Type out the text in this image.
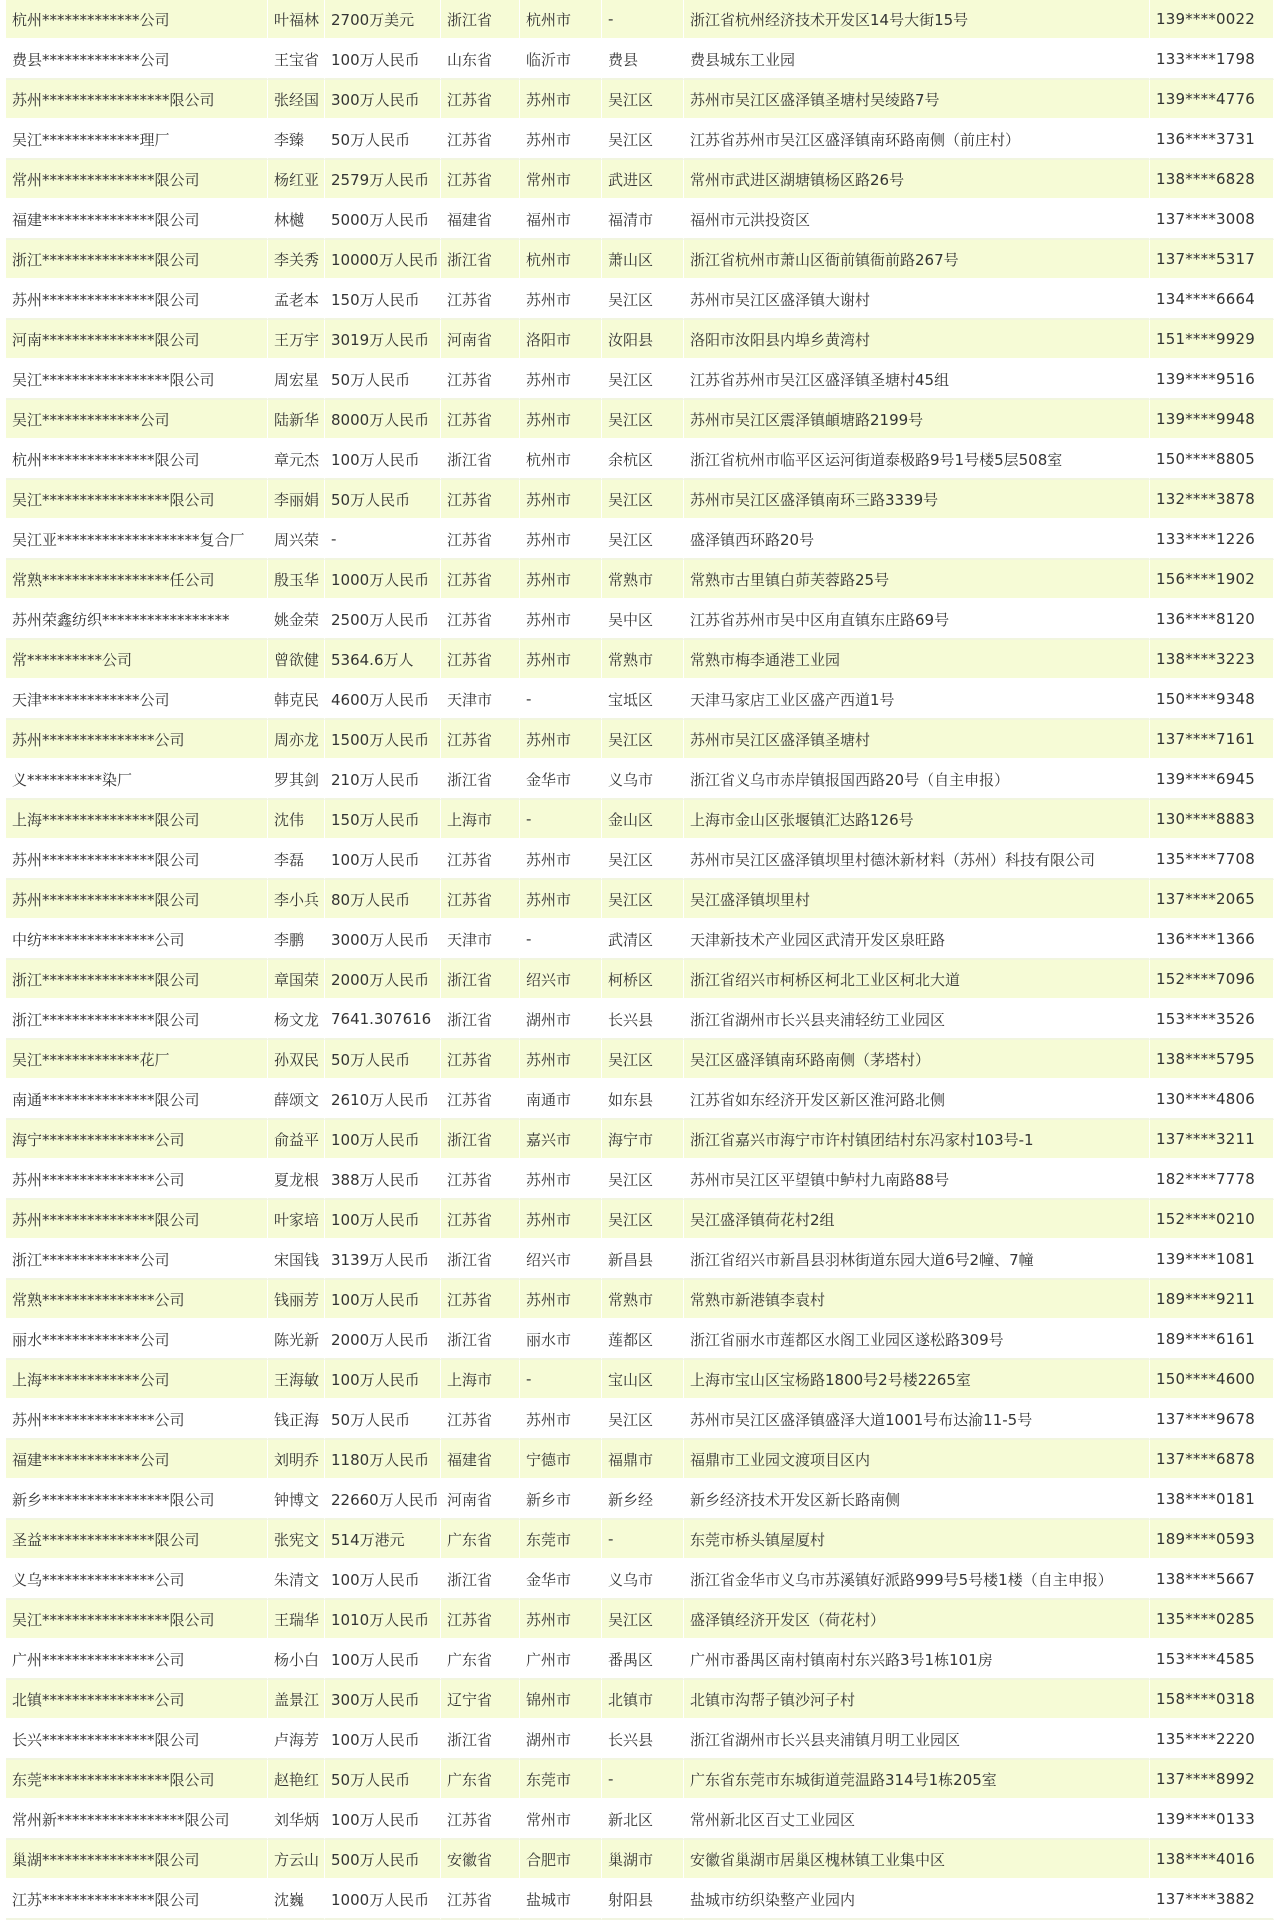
杭州*************公司	叶福林	2700万美元	浙江省	杭州市	-	浙江省杭州经济技术开发区14号大街15号	139****0022
费县*************公司	王宝省	100万人民币	山东省	临沂市	费县	费县城东工业园	133****1798
苏州*****************限公司	张经国	300万人民币	江苏省	苏州市	吴江区	苏州市吴江区盛泽镇圣塘村吴绫路7号	139****4776
吴江*************理厂	李臻	50万人民币	江苏省	苏州市	吴江区	江苏省苏州市吴江区盛泽镇南环路南侧（前庄村）	136****3731
常州***************限公司	杨红亚	2579万人民币	江苏省	常州市	武进区	常州市武进区湖塘镇杨区路26号	138****6828
福建***************限公司	林樾	5000万人民币	福建省	福州市	福清市	福州市元洪投资区	137****3008
浙江***************限公司	李关秀	10000万人民币	浙江省	杭州市	萧山区	浙江省杭州市萧山区衙前镇衙前路267号	137****5317
苏州***************限公司	孟老本	150万人民币	江苏省	苏州市	吴江区	苏州市吴江区盛泽镇大谢村	134****6664
河南***************限公司	王万宇	3019万人民币	河南省	洛阳市	汝阳县	洛阳市汝阳县内埠乡黄湾村	151****9929
吴江*****************限公司	周宏星	50万人民币	江苏省	苏州市	吴江区	江苏省苏州市吴江区盛泽镇圣塘村45组	139****9516
吴江*************公司	陆新华	8000万人民币	江苏省	苏州市	吴江区	苏州市吴江区震泽镇頔塘路2199号	139****9948
杭州***************限公司	章元杰	100万人民币	浙江省	杭州市	余杭区	浙江省杭州市临平区运河街道泰极路9号1号楼5层508室	150****8805
吴江*****************限公司	李丽娟	50万人民币	江苏省	苏州市	吴江区	苏州市吴江区盛泽镇南环三路3339号	132****3878
吴江亚*******************复合厂	周兴荣	-	江苏省	苏州市	吴江区	盛泽镇西环路20号	133****1226
常熟*****************任公司	殷玉华	1000万人民币	江苏省	苏州市	常熟市	常熟市古里镇白茆芙蓉路25号	156****1902
苏州荣鑫纺织*****************	姚金荣	2500万人民币	江苏省	苏州市	吴中区	江苏省苏州市吴中区甪直镇东庄路69号	136****8120
常**********公司	曾欲健	5364.6万人	江苏省	苏州市	常熟市	常熟市梅李通港工业园	138****3223
天津*************公司	韩克民	4600万人民币	天津市	-	宝坻区	天津马家店工业区盛产西道1号	150****9348
苏州***************公司	周亦龙	1500万人民币	江苏省	苏州市	吴江区	苏州市吴江区盛泽镇圣塘村	137****7161
义**********染厂	罗其剑	210万人民币	浙江省	金华市	义乌市	浙江省义乌市赤岸镇报国西路20号（自主申报）	139****6945
上海***************限公司	沈伟	150万人民币	上海市	-	金山区	上海市金山区张堰镇汇达路126号	130****8883
苏州***************限公司	李磊	100万人民币	江苏省	苏州市	吴江区	苏州市吴江区盛泽镇坝里村德沐新材料（苏州）科技有限公司	135****7708
苏州***************限公司	李小兵	80万人民币	江苏省	苏州市	吴江区	吴江盛泽镇坝里村	137****2065
中纺***************公司	李鹏	3000万人民币	天津市	-	武清区	天津新技术产业园区武清开发区泉旺路	136****1366
浙江***************限公司	章国荣	2000万人民币	浙江省	绍兴市	柯桥区	浙江省绍兴市柯桥区柯北工业区柯北大道	152****7096
浙江***************限公司	杨文龙	7641.307616	浙江省	湖州市	长兴县	浙江省湖州市长兴县夹浦轻纺工业园区	153****3526
吴江*************花厂	孙双民	50万人民币	江苏省	苏州市	吴江区	吴江区盛泽镇南环路南侧（茅塔村）	138****5795
南通***************限公司	薛颂文	2610万人民币	江苏省	南通市	如东县	江苏省如东经济开发区新区淮河路北侧	130****4806
海宁***************公司	俞益平	100万人民币	浙江省	嘉兴市	海宁市	浙江省嘉兴市海宁市许村镇团结村东冯家村103号-1	137****3211
苏州***************公司	夏龙根	388万人民币	江苏省	苏州市	吴江区	苏州市吴江区平望镇中鲈村九南路88号	182****7778
苏州***************限公司	叶家培	100万人民币	江苏省	苏州市	吴江区	吴江盛泽镇荷花村2组	152****0210
浙江*************公司	宋国钱	3139万人民币	浙江省	绍兴市	新昌县	浙江省绍兴市新昌县羽林街道东园大道6号2幢、7幢	139****1081
常熟***************公司	钱丽芳	100万人民币	江苏省	苏州市	常熟市	常熟市新港镇李袁村	189****9211
丽水*************公司	陈光新	2000万人民币	浙江省	丽水市	莲都区	浙江省丽水市莲都区水阁工业园区遂松路309号	189****6161
上海*************公司	王海敏	100万人民币	上海市	-	宝山区	上海市宝山区宝杨路1800号2号楼2265室	150****4600
苏州***************公司	钱正海	50万人民币	江苏省	苏州市	吴江区	苏州市吴江区盛泽镇盛泽大道1001号布达渝11-5号	137****9678
福建*************公司	刘明乔	1180万人民币	福建省	宁德市	福鼎市	福鼎市工业园文渡项目区内	137****6878
新乡*****************限公司	钟博文	22660万人民币	河南省	新乡市	新乡经	新乡经济技术开发区新长路南侧	138****0181
圣益***************限公司	张宪文	514万港元	广东省	东莞市	-	东莞市桥头镇屋厦村	189****0593
义乌***************公司	朱清文	100万人民币	浙江省	金华市	义乌市	浙江省金华市义乌市苏溪镇好派路999号5号楼1楼（自主申报）	138****5667
吴江*****************限公司	王瑞华	1010万人民币	江苏省	苏州市	吴江区	盛泽镇经济开发区（荷花村）	135****0285
广州***************公司	杨小白	100万人民币	广东省	广州市	番禺区	广州市番禺区南村镇南村东兴路3号1栋101房	153****4585
北镇***************公司	盖景江	300万人民币	辽宁省	锦州市	北镇市	北镇市沟帮子镇沙河子村	158****0318
长兴***************限公司	卢海芳	100万人民币	浙江省	湖州市	长兴县	浙江省湖州市长兴县夹浦镇月明工业园区	135****2220
东莞*****************限公司	赵艳红	50万人民币	广东省	东莞市	-	广东省东莞市东城街道莞温路314号1栋205室	137****8992
常州新*****************限公司	刘华炳	100万人民币	江苏省	常州市	新北区	常州新北区百丈工业园区	139****0133
巢湖***************限公司	方云山	500万人民币	安徽省	合肥市	巢湖市	安徽省巢湖市居巢区槐林镇工业集中区	138****4016
江苏***************限公司	沈巍	1000万人民币	江苏省	盐城市	射阳县	盐城市纺织染整产业园内	137****3882
